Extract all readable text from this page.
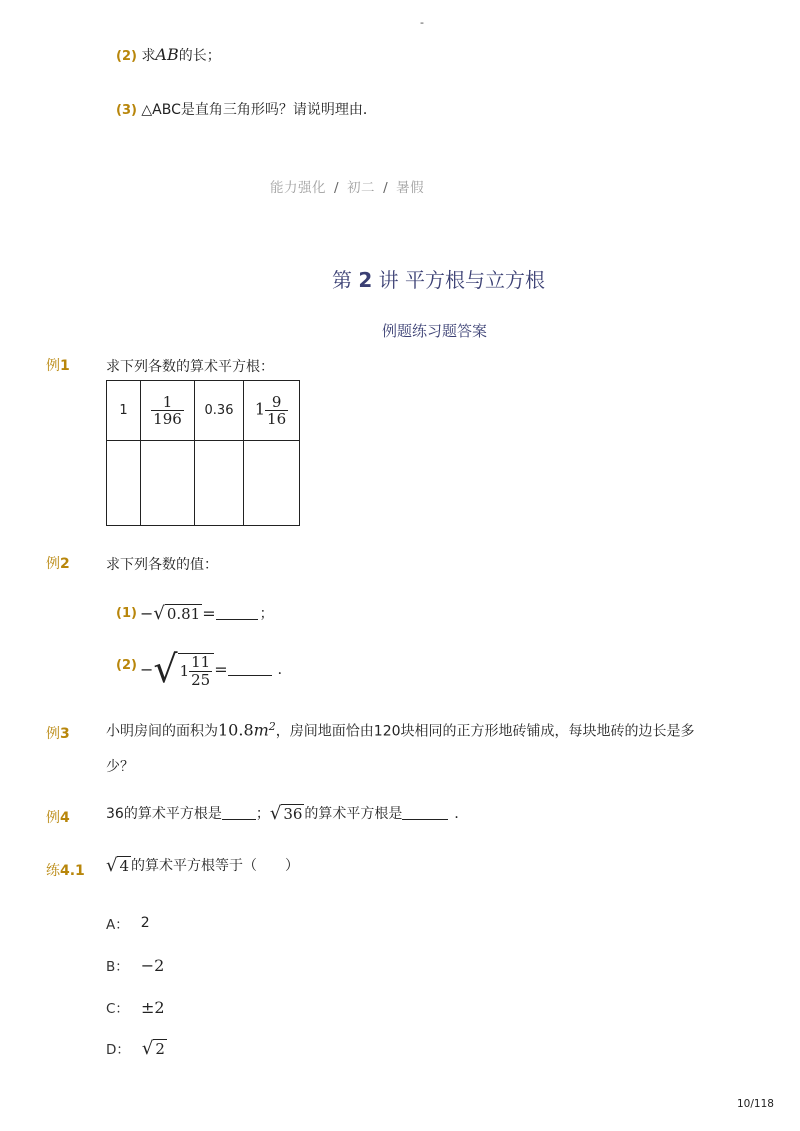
-
(2) 求AB的长；
(3) △ABC是直角三角形吗？请说明理由．
能力强化 / 初二 / 暑假
第 2 讲 平方根与立方根
例题练习题答案
例1	求下列各数的算术平方根：
1	$\frac{1}{196}$	0.36	$1 \frac{9}{16}$

例2	求下列各数的值：
(1) − √ 0.81 =	；
(2) − √ $1 \frac{11}{25}$ =	．
例3	小明房间的面积为$10.8m^2$，房间地面恰由120块相同的正方形地砖铺成，每块地砖的边长是多
少？
例4	36的算术平方根是 ； √ 36 的算术平方根是	．
练4.1 √ 4 的算术平方根等于（　　）
A： 2
B： −2
C： ±2
D： √ 2
10/118
